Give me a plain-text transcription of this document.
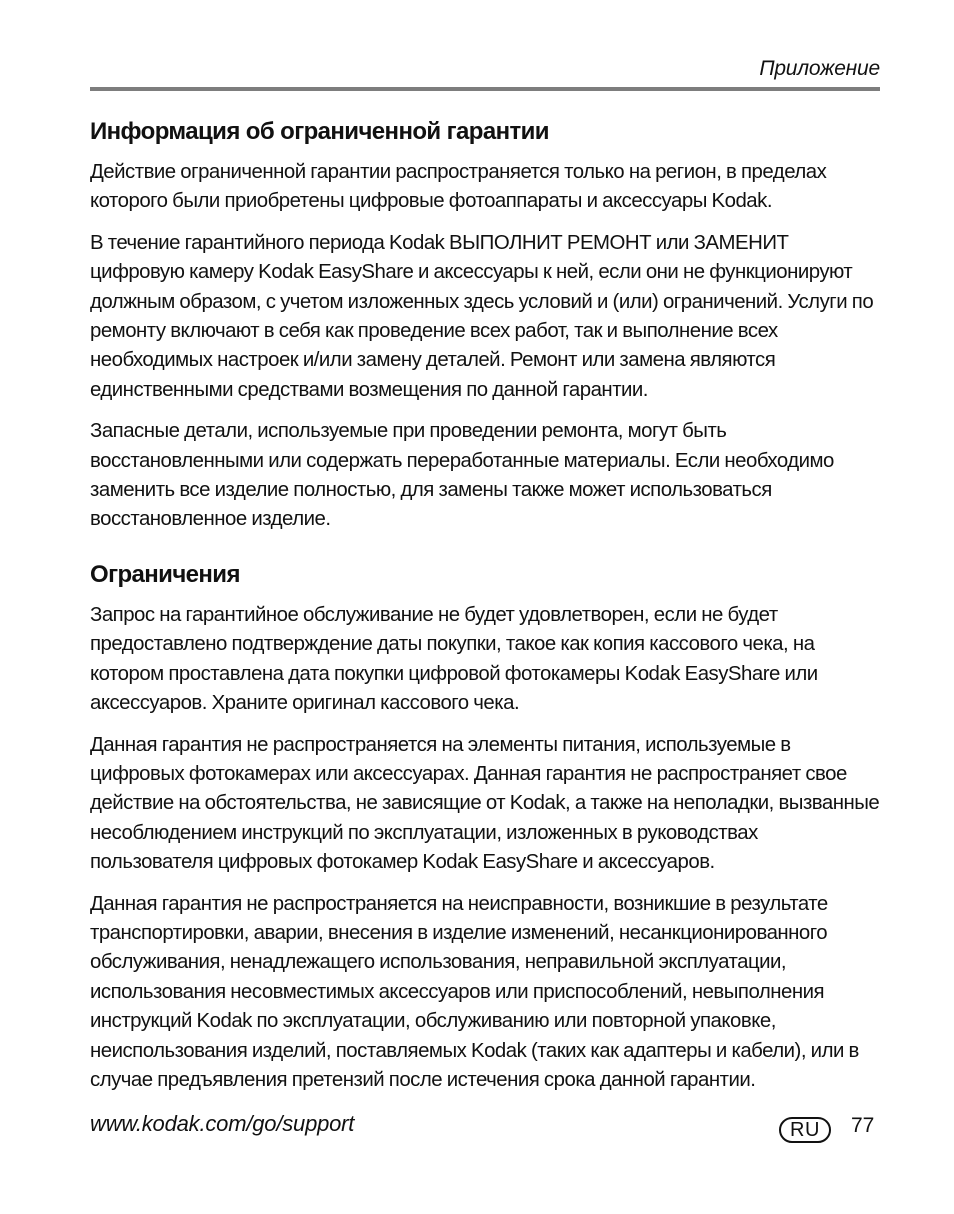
Приложение
Информация об ограниченной гарантии

Действие ограниченной гарантии распространяется только на регион, в пределах которого были приобретены цифровые фотоаппараты и аксессуары Kodak.

В течение гарантийного периода Kodak ВЫПОЛНИТ РЕМОНТ или ЗАМЕНИТ цифровую камеру Kodak EasyShare и аксессуары к ней, если они не функционируют должным образом, с учетом изложенных здесь условий и (или) ограничений. Услуги по ремонту включают в себя как проведение всех работ, так и выполнение всех необходимых настроек и/или замену деталей. Ремонт или замена являются единственными средствами возмещения по данной гарантии.

Запасные детали, используемые при проведении ремонта, могут быть восстановленными или содержать переработанные материалы. Если необходимо заменить все изделие полностью, для замены также может использоваться восстановленное изделие.

Ограничения

Запрос на гарантийное обслуживание не будет удовлетворен, если не будет предоставлено подтверждение даты покупки, такое как копия кассового чека, на котором проставлена дата покупки цифровой фотокамеры Kodak EasyShare или аксессуаров. Храните оригинал кассового чека.

Данная гарантия не распространяется на элементы питания, используемые в цифровых фотокамерах или аксессуарах. Данная гарантия не распространяет свое действие на обстоятельства, не зависящие от Kodak, а также на неполадки, вызванные несоблюдением инструкций по эксплуатации, изложенных в руководствах пользователя цифровых фотокамер Kodak EasyShare и аксессуаров.

Данная гарантия не распространяется на неисправности, возникшие в результате транспортировки, аварии, внесения в изделие изменений, несанкционированного обслуживания, ненадлежащего использования, неправильной эксплуатации, использования несовместимых аксессуаров или приспособлений, невыполнения инструкций Kodak по эксплуатации, обслуживанию или повторной упаковке, неиспользования изделий, поставляемых Kodak (таких как адаптеры и кабели), или в случае предъявления претензий после истечения срока данной гарантии.

www.kodak.com/go/support	RU	77
